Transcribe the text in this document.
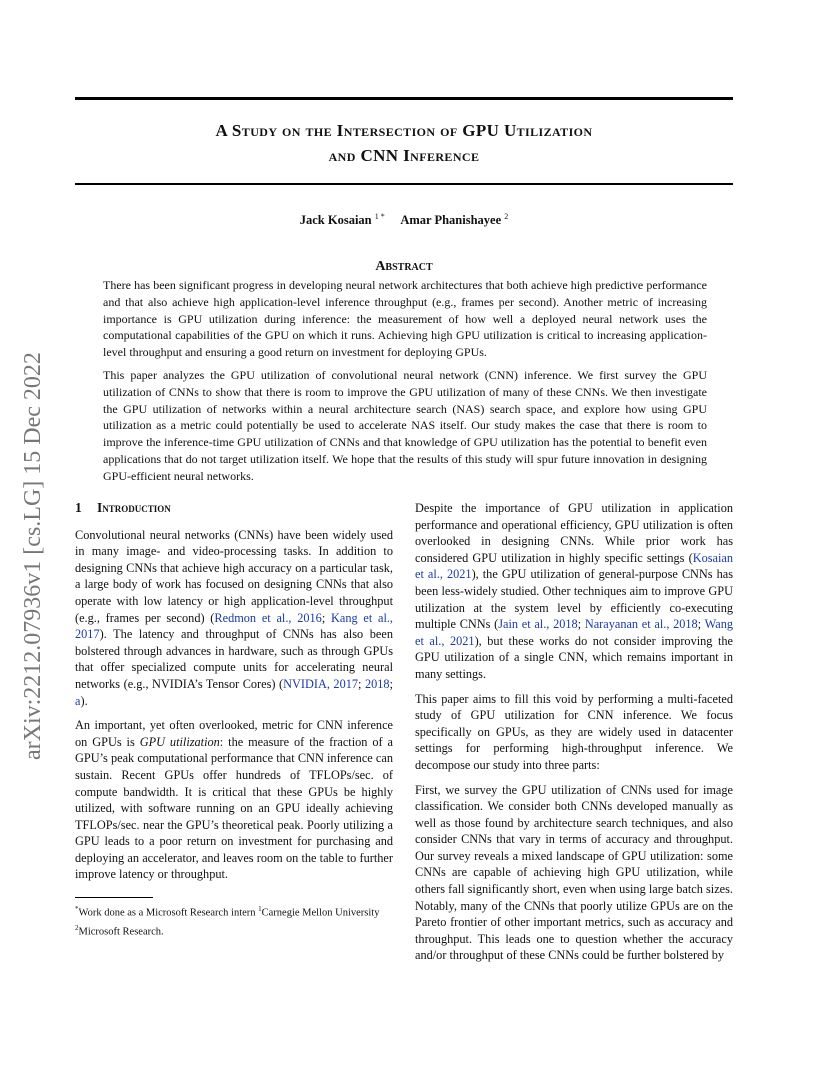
A Study on the Intersection of GPU Utilization
and CNN Inference
Jack Kosaian $^{1 *}$ Amar Phanishayee $^2$
Abstract

There has been significant progress in developing neural network architectures that both achieve high predictive performance and that also achieve high application-level inference throughput (e.g., frames per second). Another metric of increasing importance is GPU utilization during inference: the measurement of how well a deployed neural network uses the computational capabilities of the GPU on which it runs. Achieving high GPU utilization is critical to increasing application-level throughput and ensuring a good return on investment for deploying GPUs.

This paper analyzes the GPU utilization of convolutional neural network (CNN) inference. We first survey the GPU utilization of CNNs to show that there is room to improve the GPU utilization of many of these CNNs. We then investigate the GPU utilization of networks within a neural architecture search (NAS) search space, and explore how using GPU utilization as a metric could potentially be used to accelerate NAS itself. Our study makes the case that there is room to improve the inference-time GPU utilization of CNNs and that knowledge of GPU utilization has the potential to benefit even applications that do not target utilization itself. We hope that the results of this study will spur future innovation in designing GPU-efficient neural networks.

arXiv:2212.07936v1 [cs.LG] 15 Dec 2022 1 Introduction

Convolutional neural networks (CNNs) have been widely used in many image- and video-processing tasks. In addition to designing CNNs that achieve high accuracy on a particular task, a large body of work has focused on designing CNNs that also operate with low latency or high application-level throughput (e.g., frames per second) (Redmon et al., 2016; Kang et al., 2017). The latency and throughput of CNNs has also been bolstered through advances in hardware, such as through GPUs that offer specialized compute units for accelerating neural networks (e.g., NVIDIA’s Tensor Cores) (NVIDIA, 2017; 2018; a).

An important, yet often overlooked, metric for CNN inference on GPUs is GPU utilization: the measure of the fraction of a GPU’s peak computational performance that CNN inference can sustain. Recent GPUs offer hundreds of TFLOPs/sec. of compute bandwidth. It is critical that these GPUs be highly utilized, with software running on an GPU ideally achieving TFLOPs/sec. near the GPU’s theoretical peak. Poorly utilizing a GPU leads to a poor return on investment for purchasing and deploying an accelerator, and leaves room on the table to further improve latency or throughput.

*Work done as a Microsoft Research intern $^1$Carnegie Mellon University $^2$Microsoft Research.

Despite the importance of GPU utilization in application performance and operational efficiency, GPU utilization is often overlooked in designing CNNs. While prior work has considered GPU utilization in highly specific settings (Kosaian et al., 2021), the GPU utilization of general-purpose CNNs has been less-widely studied. Other techniques aim to improve GPU utilization at the system level by efficiently co-executing multiple CNNs (Jain et al., 2018; Narayanan et al., 2018; Wang et al., 2021), but these works do not consider improving the GPU utilization of a single CNN, which remains important in many settings.

This paper aims to fill this void by performing a multi-faceted study of GPU utilization for CNN inference. We focus specifically on GPUs, as they are widely used in datacenter settings for performing high-throughput inference. We decompose our study into three parts:

First, we survey the GPU utilization of CNNs used for image classification. We consider both CNNs developed manually as well as those found by architecture search techniques, and also consider CNNs that vary in terms of accuracy and throughput. Our survey reveals a mixed landscape of GPU utilization: some CNNs are capable of achieving high GPU utilization, while others fall significantly short, even when using large batch sizes. Notably, many of the CNNs that poorly utilize GPUs are on the Pareto frontier of other important metrics, such as accuracy and throughput. This leads one to question whether the accuracy and/or throughput of these CNNs could be further bolstered by
